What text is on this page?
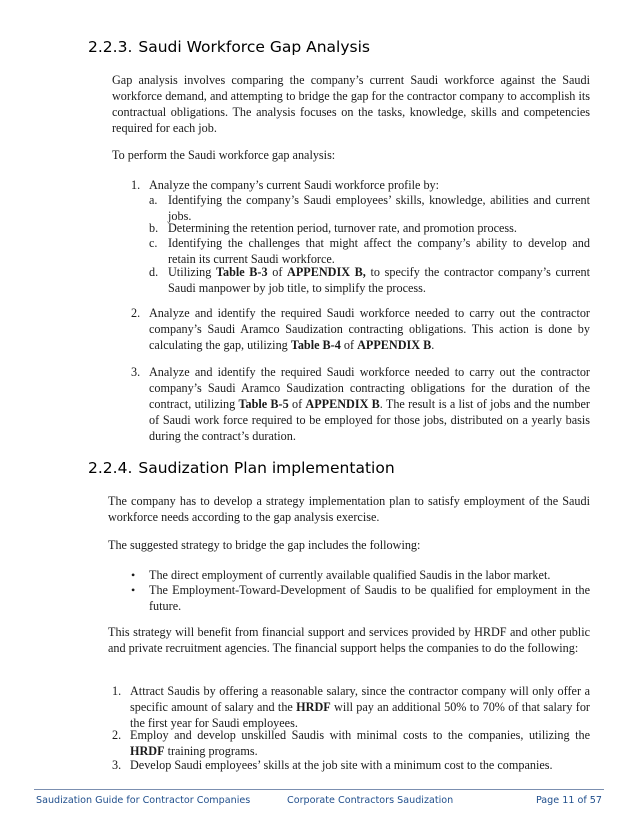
2.2.3. Saudi Workforce Gap Analysis
Gap analysis involves comparing the company’s current Saudi workforce against the Saudi workforce demand, and attempting to bridge the gap for the contractor company to accomplish its contractual obligations. The analysis focuses on the tasks, knowledge, skills and competencies required for each job.
To perform the Saudi workforce gap analysis:
1. Analyze the company’s current Saudi workforce profile by:
a. Identifying the company’s Saudi employees’ skills, knowledge, abilities and current jobs.
b. Determining the retention period, turnover rate, and promotion process.
c. Identifying the challenges that might affect the company’s ability to develop and retain its current Saudi workforce.
d. Utilizing Table B-3 of APPENDIX B, to specify the contractor company’s current Saudi manpower by job title, to simplify the process.
2. Analyze and identify the required Saudi workforce needed to carry out the contractor company’s Saudi Aramco Saudization contracting obligations. This action is done by calculating the gap, utilizing Table B-4 of APPENDIX B.
3. Analyze and identify the required Saudi workforce needed to carry out the contractor company’s Saudi Aramco Saudization contracting obligations for the duration of the contract, utilizing Table B-5 of APPENDIX B. The result is a list of jobs and the number of Saudi work force required to be employed for those jobs, distributed on a yearly basis during the contract’s duration.
2.2.4. Saudization Plan implementation
The company has to develop a strategy implementation plan to satisfy employment of the Saudi workforce needs according to the gap analysis exercise.
The suggested strategy to bridge the gap includes the following:
• The direct employment of currently available qualified Saudis in the labor market.
• The Employment-Toward-Development of Saudis to be qualified for employment in the future.
This strategy will benefit from financial support and services provided by HRDF and other public and private recruitment agencies. The financial support helps the companies to do the following:
1. Attract Saudis by offering a reasonable salary, since the contractor company will only offer a specific amount of salary and the HRDF will pay an additional 50% to 70% of that salary for the first year for Saudi employees.
2. Employ and develop unskilled Saudis with minimal costs to the companies, utilizing the HRDF training programs.
3. Develop Saudi employees’ skills at the job site with a minimum cost to the companies.
Saudization Guide for Contractor Companies	Corporate Contractors Saudization	Page 11 of 57
